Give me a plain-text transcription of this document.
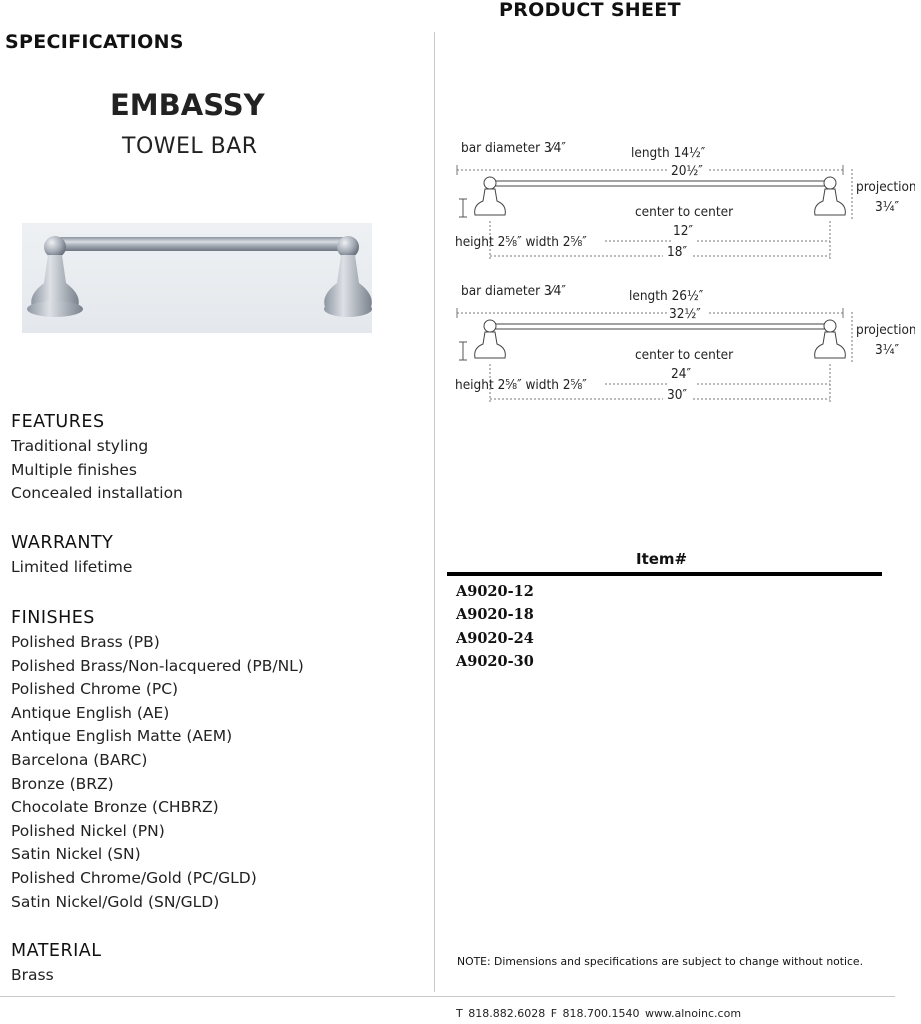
SPECIFICATIONS
PRODUCT SHEET
EMBASSY
TOWEL BAR
FEATURES
Traditional styling
Multiple finishes
Concealed installation
WARRANTY
Limited lifetime
FINISHES
Polished Brass (PB)
Polished Brass/Non-lacquered (PB/NL)
Polished Chrome (PC)
Antique English (AE)
Antique English Matte (AEM)
Barcelona (BARC)
Bronze (BRZ)
Chocolate Bronze (CHBRZ)
Polished Nickel (PN)
Satin Nickel (SN)
Polished Chrome/Gold (PC/GLD)
Satin Nickel/Gold (SN/GLD)
MATERIAL
Brass
bar diameter 3⁄4″	length 14½″
20½″
projection
3¼″
center to center
height 2⅝″ width 2⅝″
12″
18″
bar diameter 3⁄4″	length 26½″
32½″
projection
3¼″
center to center
height 2⅝″ width 2⅝″
24″
30″
Item#
A9020-12
A9020-18
A9020-24
A9020-30
NOTE: Dimensions and specifications are subject to change without notice.
T 818.882.6028 F 818.700.1540 www.alnoinc.com
